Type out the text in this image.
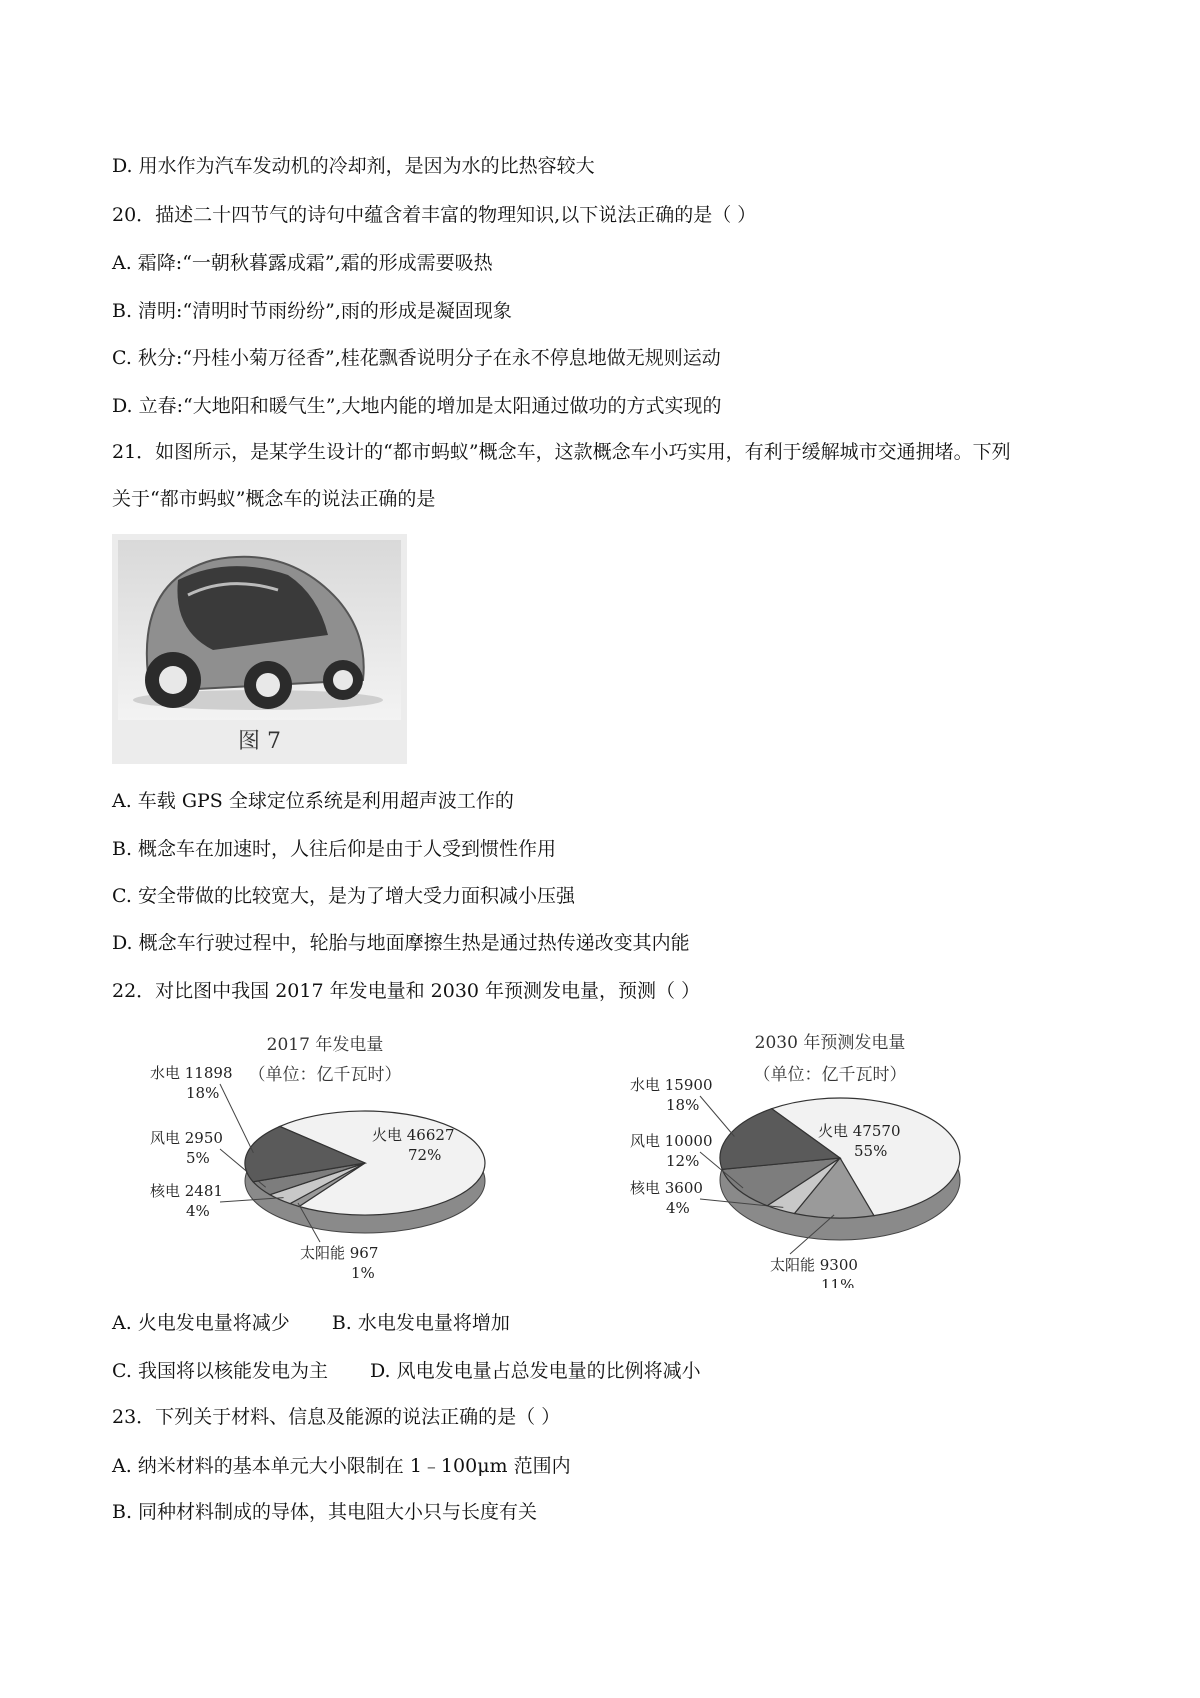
D. 用水作为汽车发动机的冷却剂，是因为水的比热容较大
20．描述二十四节气的诗句中蕴含着丰富的物理知识,以下说法正确的是（ ）
A. 霜降:“一朝秋暮露成霜”,霜的形成需要吸热
B. 清明:“清明时节雨纷纷”,雨的形成是凝固现象
C. 秋分:“丹桂小菊万径香”,桂花飘香说明分子在永不停息地做无规则运动
D. 立春:“大地阳和暖气生”,大地内能的增加是太阳通过做功的方式实现的
21．如图所示，是某学生设计的“都市蚂蚁”概念车，这款概念车小巧实用，有利于缓解城市交通拥堵。下列
关于“都市蚂蚁”概念车的说法正确的是
图 7
A. 车载 GPS 全球定位系统是利用超声波工作的
B. 概念车在加速时，人往后仰是由于人受到惯性作用
C. 安全带做的比较宽大，是为了增大受力面积减小压强
D. 概念车行驶过程中，轮胎与地面摩擦生热是通过热传递改变其内能
22．对比图中我国 2017 年发电量和 2030 年预测发电量，预测（ ）
2017 年发电量
（单位：亿千瓦时）
火电 46627 72%
太阳能 967 1%
核电 2481 4%
风电 2950 5%
水电 11898 18%
2030 年预测发电量
（单位：亿千瓦时）
火电 47570 55%
太阳能 9300 11%
核电 3600 4%
风电 10000 12%
水电 15900 18%
A. 火电发电量将减少 B. 水电发电量将增加
C. 我国将以核能发电为主 D. 风电发电量占总发电量的比例将减小
23．下列关于材料、信息及能源的说法正确的是（ ）
A. 纳米材料的基本单元大小限制在 1﹣100μm 范围内
B. 同种材料制成的导体，其电阻大小只与长度有关
